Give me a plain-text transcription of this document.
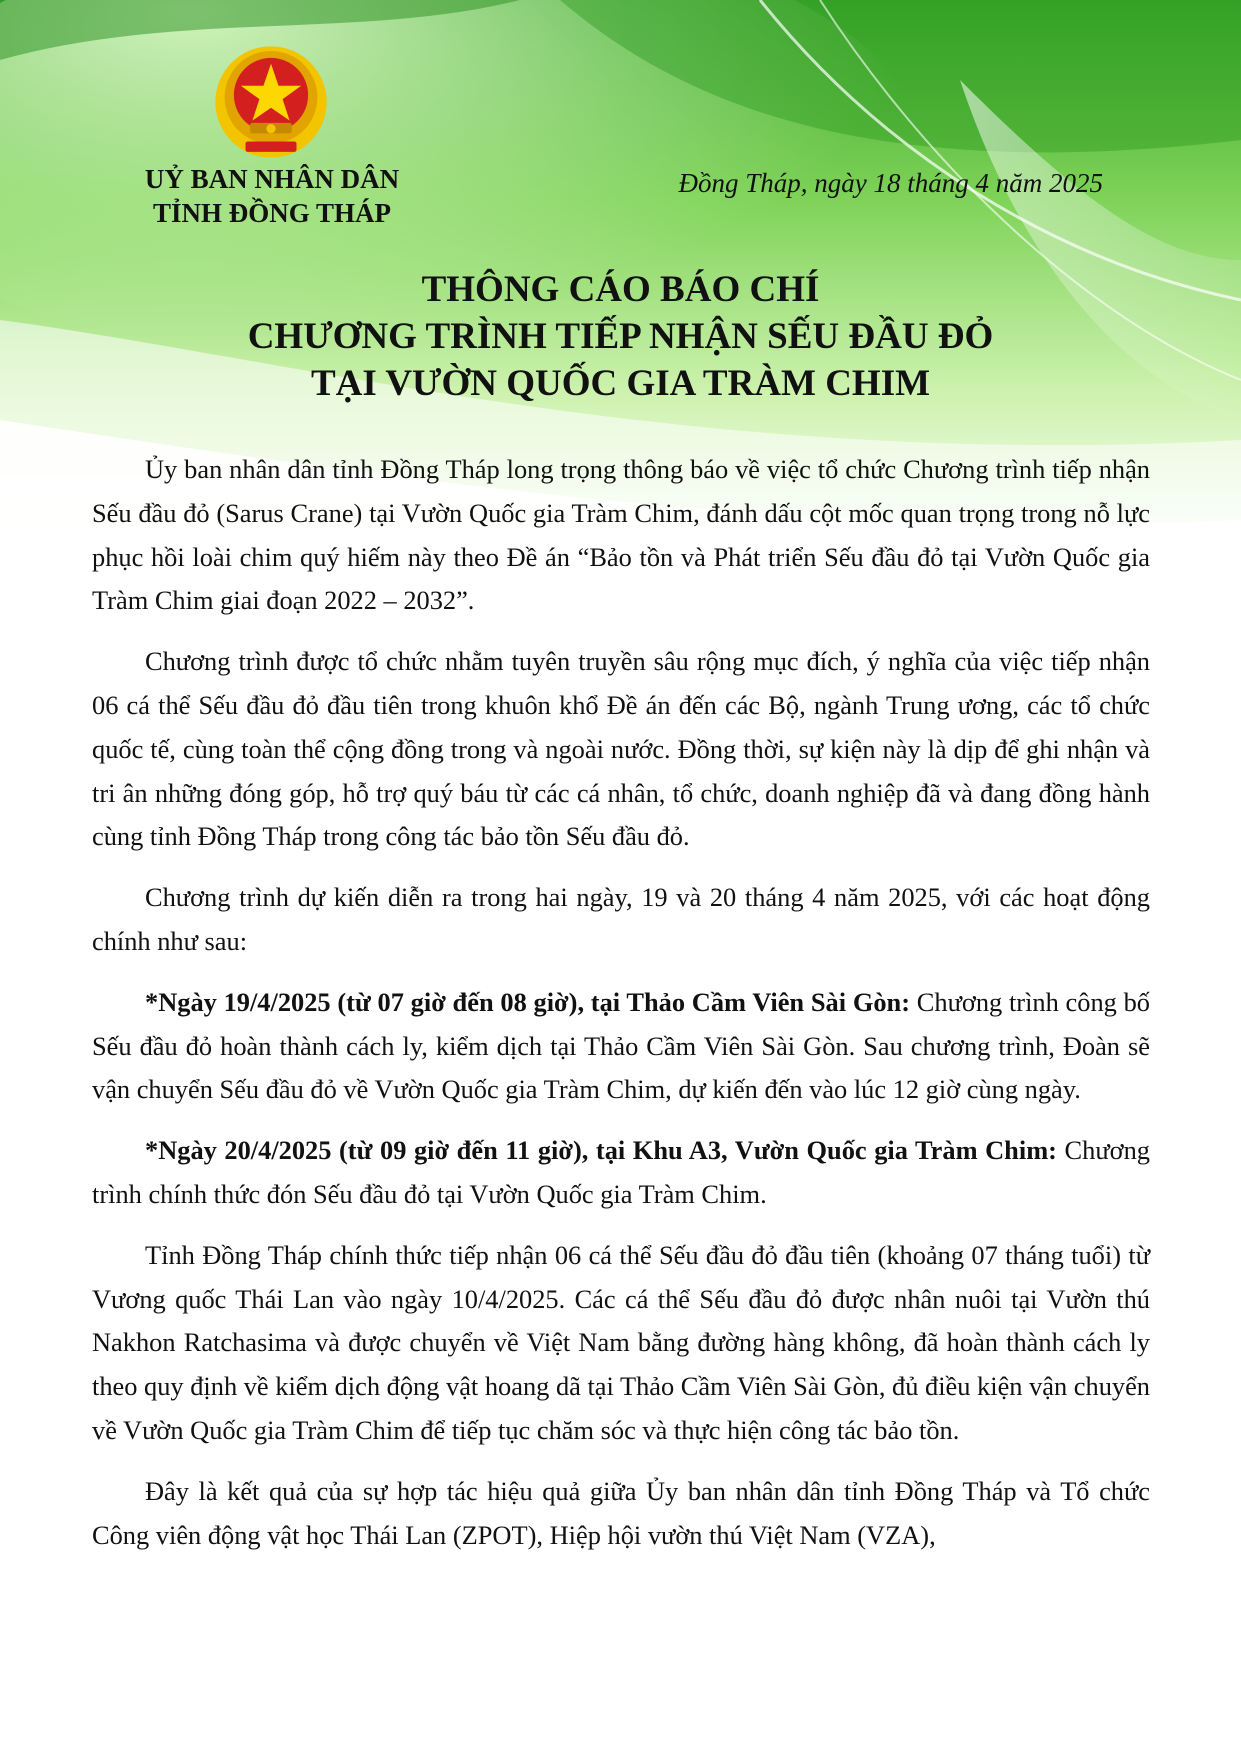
UỶ BAN NHÂN DÂN
TỈNH ĐỒNG THÁP
Đồng Tháp, ngày 18 tháng 4 năm 2025
THÔNG CÁO BÁO CHÍ
CHƯƠNG TRÌNH TIẾP NHẬN SẾU ĐẦU ĐỎ
TẠI VƯỜN QUỐC GIA TRÀM CHIM

Ủy ban nhân dân tỉnh Đồng Tháp long trọng thông báo về việc tổ chức Chương trình tiếp nhận Sếu đầu đỏ (Sarus Crane) tại Vườn Quốc gia Tràm Chim, đánh dấu cột mốc quan trọng trong nỗ lực phục hồi loài chim quý hiếm này theo Đề án “Bảo tồn và Phát triển Sếu đầu đỏ tại Vườn Quốc gia Tràm Chim giai đoạn 2022 – 2032”.

Chương trình được tổ chức nhằm tuyên truyền sâu rộng mục đích, ý nghĩa của việc tiếp nhận 06 cá thể Sếu đầu đỏ đầu tiên trong khuôn khổ Đề án đến các Bộ, ngành Trung ương, các tổ chức quốc tế, cùng toàn thể cộng đồng trong và ngoài nước. Đồng thời, sự kiện này là dịp để ghi nhận và tri ân những đóng góp, hỗ trợ quý báu từ các cá nhân, tổ chức, doanh nghiệp đã và đang đồng hành cùng tỉnh Đồng Tháp trong công tác bảo tồn Sếu đầu đỏ.

Chương trình dự kiến diễn ra trong hai ngày, 19 và 20 tháng 4 năm 2025, với các hoạt động chính như sau:

*Ngày 19/4/2025 (từ 07 giờ đến 08 giờ), tại Thảo Cầm Viên Sài Gòn: Chương trình công bố Sếu đầu đỏ hoàn thành cách ly, kiểm dịch tại Thảo Cầm Viên Sài Gòn. Sau chương trình, Đoàn sẽ vận chuyển Sếu đầu đỏ về Vườn Quốc gia Tràm Chim, dự kiến đến vào lúc 12 giờ cùng ngày.

*Ngày 20/4/2025 (từ 09 giờ đến 11 giờ), tại Khu A3, Vườn Quốc gia Tràm Chim: Chương trình chính thức đón Sếu đầu đỏ tại Vườn Quốc gia Tràm Chim.

Tỉnh Đồng Tháp chính thức tiếp nhận 06 cá thể Sếu đầu đỏ đầu tiên (khoảng 07 tháng tuổi) từ Vương quốc Thái Lan vào ngày 10/4/2025. Các cá thể Sếu đầu đỏ được nhân nuôi tại Vườn thú Nakhon Ratchasima và được chuyển về Việt Nam bằng đường hàng không, đã hoàn thành cách ly theo quy định về kiểm dịch động vật hoang dã tại Thảo Cầm Viên Sài Gòn, đủ điều kiện vận chuyển về Vườn Quốc gia Tràm Chim để tiếp tục chăm sóc và thực hiện công tác bảo tồn.

Đây là kết quả của sự hợp tác hiệu quả giữa Ủy ban nhân dân tỉnh Đồng Tháp và Tổ chức Công viên động vật học Thái Lan (ZPOT), Hiệp hội vườn thú Việt Nam (VZA),
